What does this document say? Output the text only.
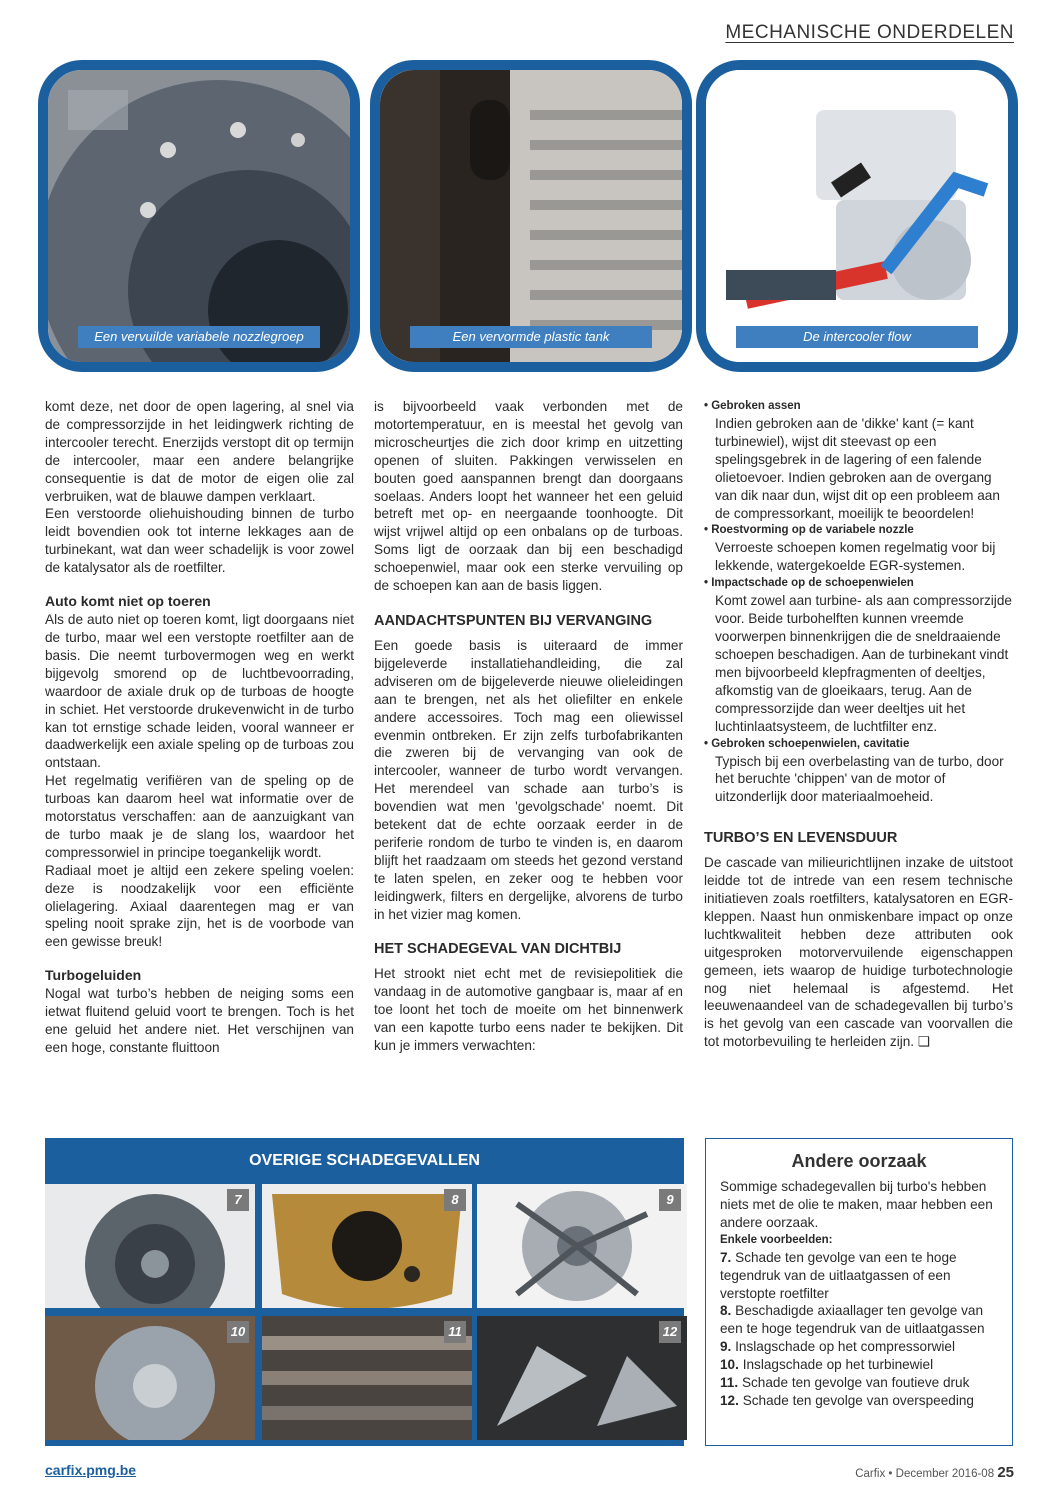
MECHANISCHE ONDERDELEN
Een vervuilde variabele nozzlegroep	Een vervormde plastic tank	De intercooler flow

komt deze, net door de open lagering, al snel via de compressorzijde in het leidingwerk richting de intercooler terecht. Enerzijds verstopt dit op termijn de intercooler, maar een andere belangrijke consequentie is dat de motor de eigen olie zal verbruiken, wat de blauwe dampen verklaart.

Een verstoorde oliehuishouding binnen de turbo leidt bovendien ook tot interne lekkages aan de turbinekant, wat dan weer schadelijk is voor zowel de katalysator als de roetfilter.

Auto komt niet op toeren

Als de auto niet op toeren komt, ligt doorgaans niet de turbo, maar wel een verstopte roetfilter aan de basis. Die neemt turbovermogen weg en werkt bijgevolg smorend op de luchtbevoorrading, waardoor de axiale druk op de turboas de hoogte in schiet. Het verstoorde drukevenwicht in de turbo kan tot ernstige schade leiden, vooral wanneer er daadwerkelijk een axiale speling op de turboas zou ontstaan.

Het regelmatig verifiëren van de speling op de turboas kan daarom heel wat informatie over de motorstatus verschaffen: aan de aanzuigkant van de turbo maak je de slang los, waardoor het compressorwiel in principe toegankelijk wordt.

Radiaal moet je altijd een zekere speling voelen: deze is noodzakelijk voor een efficiënte olielagering. Axiaal daarentegen mag er van speling nooit sprake zijn, het is de voorbode van een gewisse breuk!

Turbogeluiden

Nogal wat turbo’s hebben de neiging soms een ietwat fluitend geluid voort te brengen. Toch is het ene geluid het andere niet. Het verschijnen van een hoge, constante fluittoon

is bijvoorbeeld vaak verbonden met de motortemperatuur, en is meestal het gevolg van microscheurtjes die zich door krimp en uitzetting openen of sluiten. Pakkingen verwisselen en bouten goed aanspannen brengt dan doorgaans soelaas. Anders loopt het wanneer het een geluid betreft met op- en neergaande toonhoogte. Dit wijst vrijwel altijd op een onbalans op de turboas. Soms ligt de oorzaak dan bij een beschadigd schoepenwiel, maar ook een sterke vervuiling op de schoepen kan aan de basis liggen.

AANDACHTSPUNTEN BIJ VERVANGING

Een goede basis is uiteraard de immer bijgeleverde installatiehandleiding, die zal adviseren om de bijgeleverde nieuwe olieleidingen aan te brengen, net als het oliefilter en enkele andere accessoires. Toch mag een oliewissel evenmin ontbreken. Er zijn zelfs turbofabrikanten die zweren bij de vervanging van ook de intercooler, wanneer de turbo wordt vervangen. Het merendeel van schade aan turbo’s is bovendien wat men 'gevolgschade' noemt. Dit betekent dat de echte oorzaak eerder in de periferie rondom de turbo te vinden is, en daarom blijft het raadzaam om steeds het gezond verstand te laten spelen, en zeker oog te hebben voor leidingwerk, filters en dergelijke, alvorens de turbo in het vizier mag komen.

HET SCHADEGEVAL VAN DICHTBIJ

Het strookt niet echt met de revisiepolitiek die vandaag in de automotive gangbaar is, maar af en toe loont het toch de moeite om het binnenwerk van een kapotte turbo eens nader te bekijken. Dit kun je immers verwachten:

• Gebroken assen
Indien gebroken aan de 'dikke' kant (= kant turbinewiel), wijst dit steevast op een spelingsgebrek in de lagering of een falende olietoevoer. Indien gebroken aan de overgang van dik naar dun, wijst dit op een probleem aan de compressorkant, moeilijk te beoordelen!
• Roestvorming op de variabele nozzle
Verroeste schoepen komen regelmatig voor bij lekkende, watergekoelde EGR-systemen.
• Impactschade op de schoepenwielen
Komt zowel aan turbine- als aan compressorzijde voor. Beide turbohelften kunnen vreemde voorwerpen binnenkrijgen die de sneldraaiende schoepen beschadigen. Aan de turbinekant vindt men bijvoorbeeld klepfragmenten of deeltjes, afkomstig van de gloeikaars, terug. Aan de compressorzijde dan weer deeltjes uit het luchtinlaatsysteem, de luchtfilter enz.
• Gebroken schoepenwielen, cavitatie
Typisch bij een overbelasting van de turbo, door het beruchte 'chippen' van de motor of uitzonderlijk door materiaalmoeheid.
TURBO’S EN LEVENSDUUR

De cascade van milieurichtlijnen inzake de uitstoot leidde tot de intrede van een resem technische initiatieven zoals roetfilters, katalysatoren en EGR-kleppen. Naast hun onmiskenbare impact op onze luchtkwaliteit hebben deze attributen ook uitgesproken motorvervuilende eigenschappen gemeen, iets waarop de huidige turbotechnologie nog niet helemaal is afgestemd. Het leeuwenaandeel van de schadegevallen bij turbo’s is het gevolg van een cascade van voorvallen die tot motorbevuiling te herleiden zijn. ❑

OVERIGE SCHADEGEVALLEN
7	8	9
10	11	12
Andere oorzaak
Sommige schadegevallen bij turbo's hebben niets met de olie te maken, maar hebben een andere oorzaak.
Enkele voorbeelden:
7. Schade ten gevolge van een te hoge tegendruk van de uitlaatgassen of een verstopte roetfilter
8. Beschadigde axiaallager ten gevolge van een te hoge tegendruk van de uitlaatgassen
9. Inslagschade op het compressorwiel
10. Inslagschade op het turbinewiel
11. Schade ten gevolge van foutieve druk
12. Schade ten gevolge van overspeeding
carfix.pmg.be	Carfix • December 2016-08 25
